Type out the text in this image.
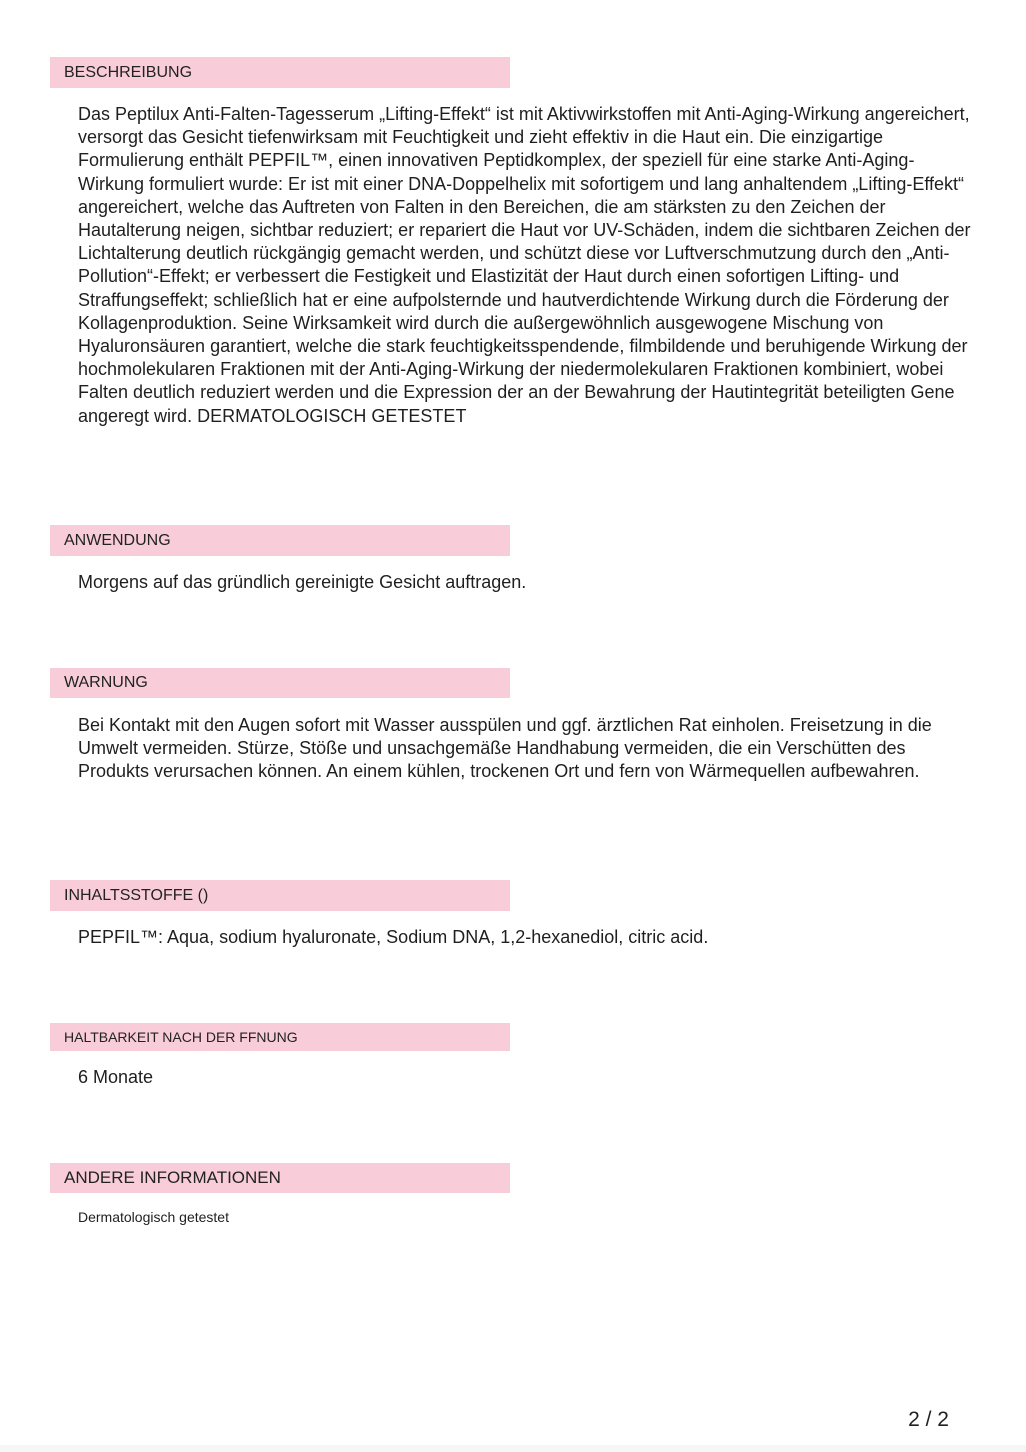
BESCHREIBUNG
Das Peptilux Anti-Falten-Tagesserum „Lifting-Effekt“ ist mit Aktivwirkstoffen mit Anti-Aging-Wirkung angereichert, versorgt das Gesicht tiefenwirksam mit Feuchtigkeit und zieht effektiv in die Haut ein. Die einzigartige Formulierung enthält PEPFIL™, einen innovativen Peptidkomplex, der speziell für eine starke Anti-Aging-Wirkung formuliert wurde: Er ist mit einer DNA-Doppelhelix mit sofortigem und lang anhaltendem „Lifting-Effekt“ angereichert, welche das Auftreten von Falten in den Bereichen, die am stärksten zu den Zeichen der Hautalterung neigen, sichtbar reduziert; er repariert die Haut vor UV-Schäden, indem die sichtbaren Zeichen der Lichtalterung deutlich rückgängig gemacht werden, und schützt diese vor Luftverschmutzung durch den „Anti-Pollution“-Effekt; er verbessert die Festigkeit und Elastizität der Haut durch einen sofortigen Lifting- und Straffungseffekt; schließlich hat er eine aufpolsternde und hautverdichtende Wirkung durch die Förderung der Kollagenproduktion. Seine Wirksamkeit wird durch die außergewöhnlich ausgewogene Mischung von Hyaluronsäuren garantiert, welche die stark feuchtigkeitsspendende, filmbildende und beruhigende Wirkung der hochmolekularen Fraktionen mit der Anti-Aging-Wirkung der niedermolekularen Fraktionen kombiniert, wobei Falten deutlich reduziert werden und die Expression der an der Bewahrung der Hautintegrität beteiligten Gene angeregt wird. DERMATOLOGISCH GETESTET
ANWENDUNG
Morgens auf das gründlich gereinigte Gesicht auftragen.
WARNUNG
Bei Kontakt mit den Augen sofort mit Wasser ausspülen und ggf. ärztlichen Rat einholen. Freisetzung in die Umwelt vermeiden. Stürze, Stöße und unsachgemäße Handhabung vermeiden, die ein Verschütten des Produkts verursachen können. An einem kühlen, trockenen Ort und fern von Wärmequellen aufbewahren.
INHALTSSTOFFE ()
PEPFIL™: Aqua, sodium hyaluronate, Sodium DNA, 1,2-hexanediol, citric acid.
HALTBARKEIT NACH DER FFNUNG
6 Monate
ANDERE INFORMATIONEN
Dermatologisch getestet
2 / 2
